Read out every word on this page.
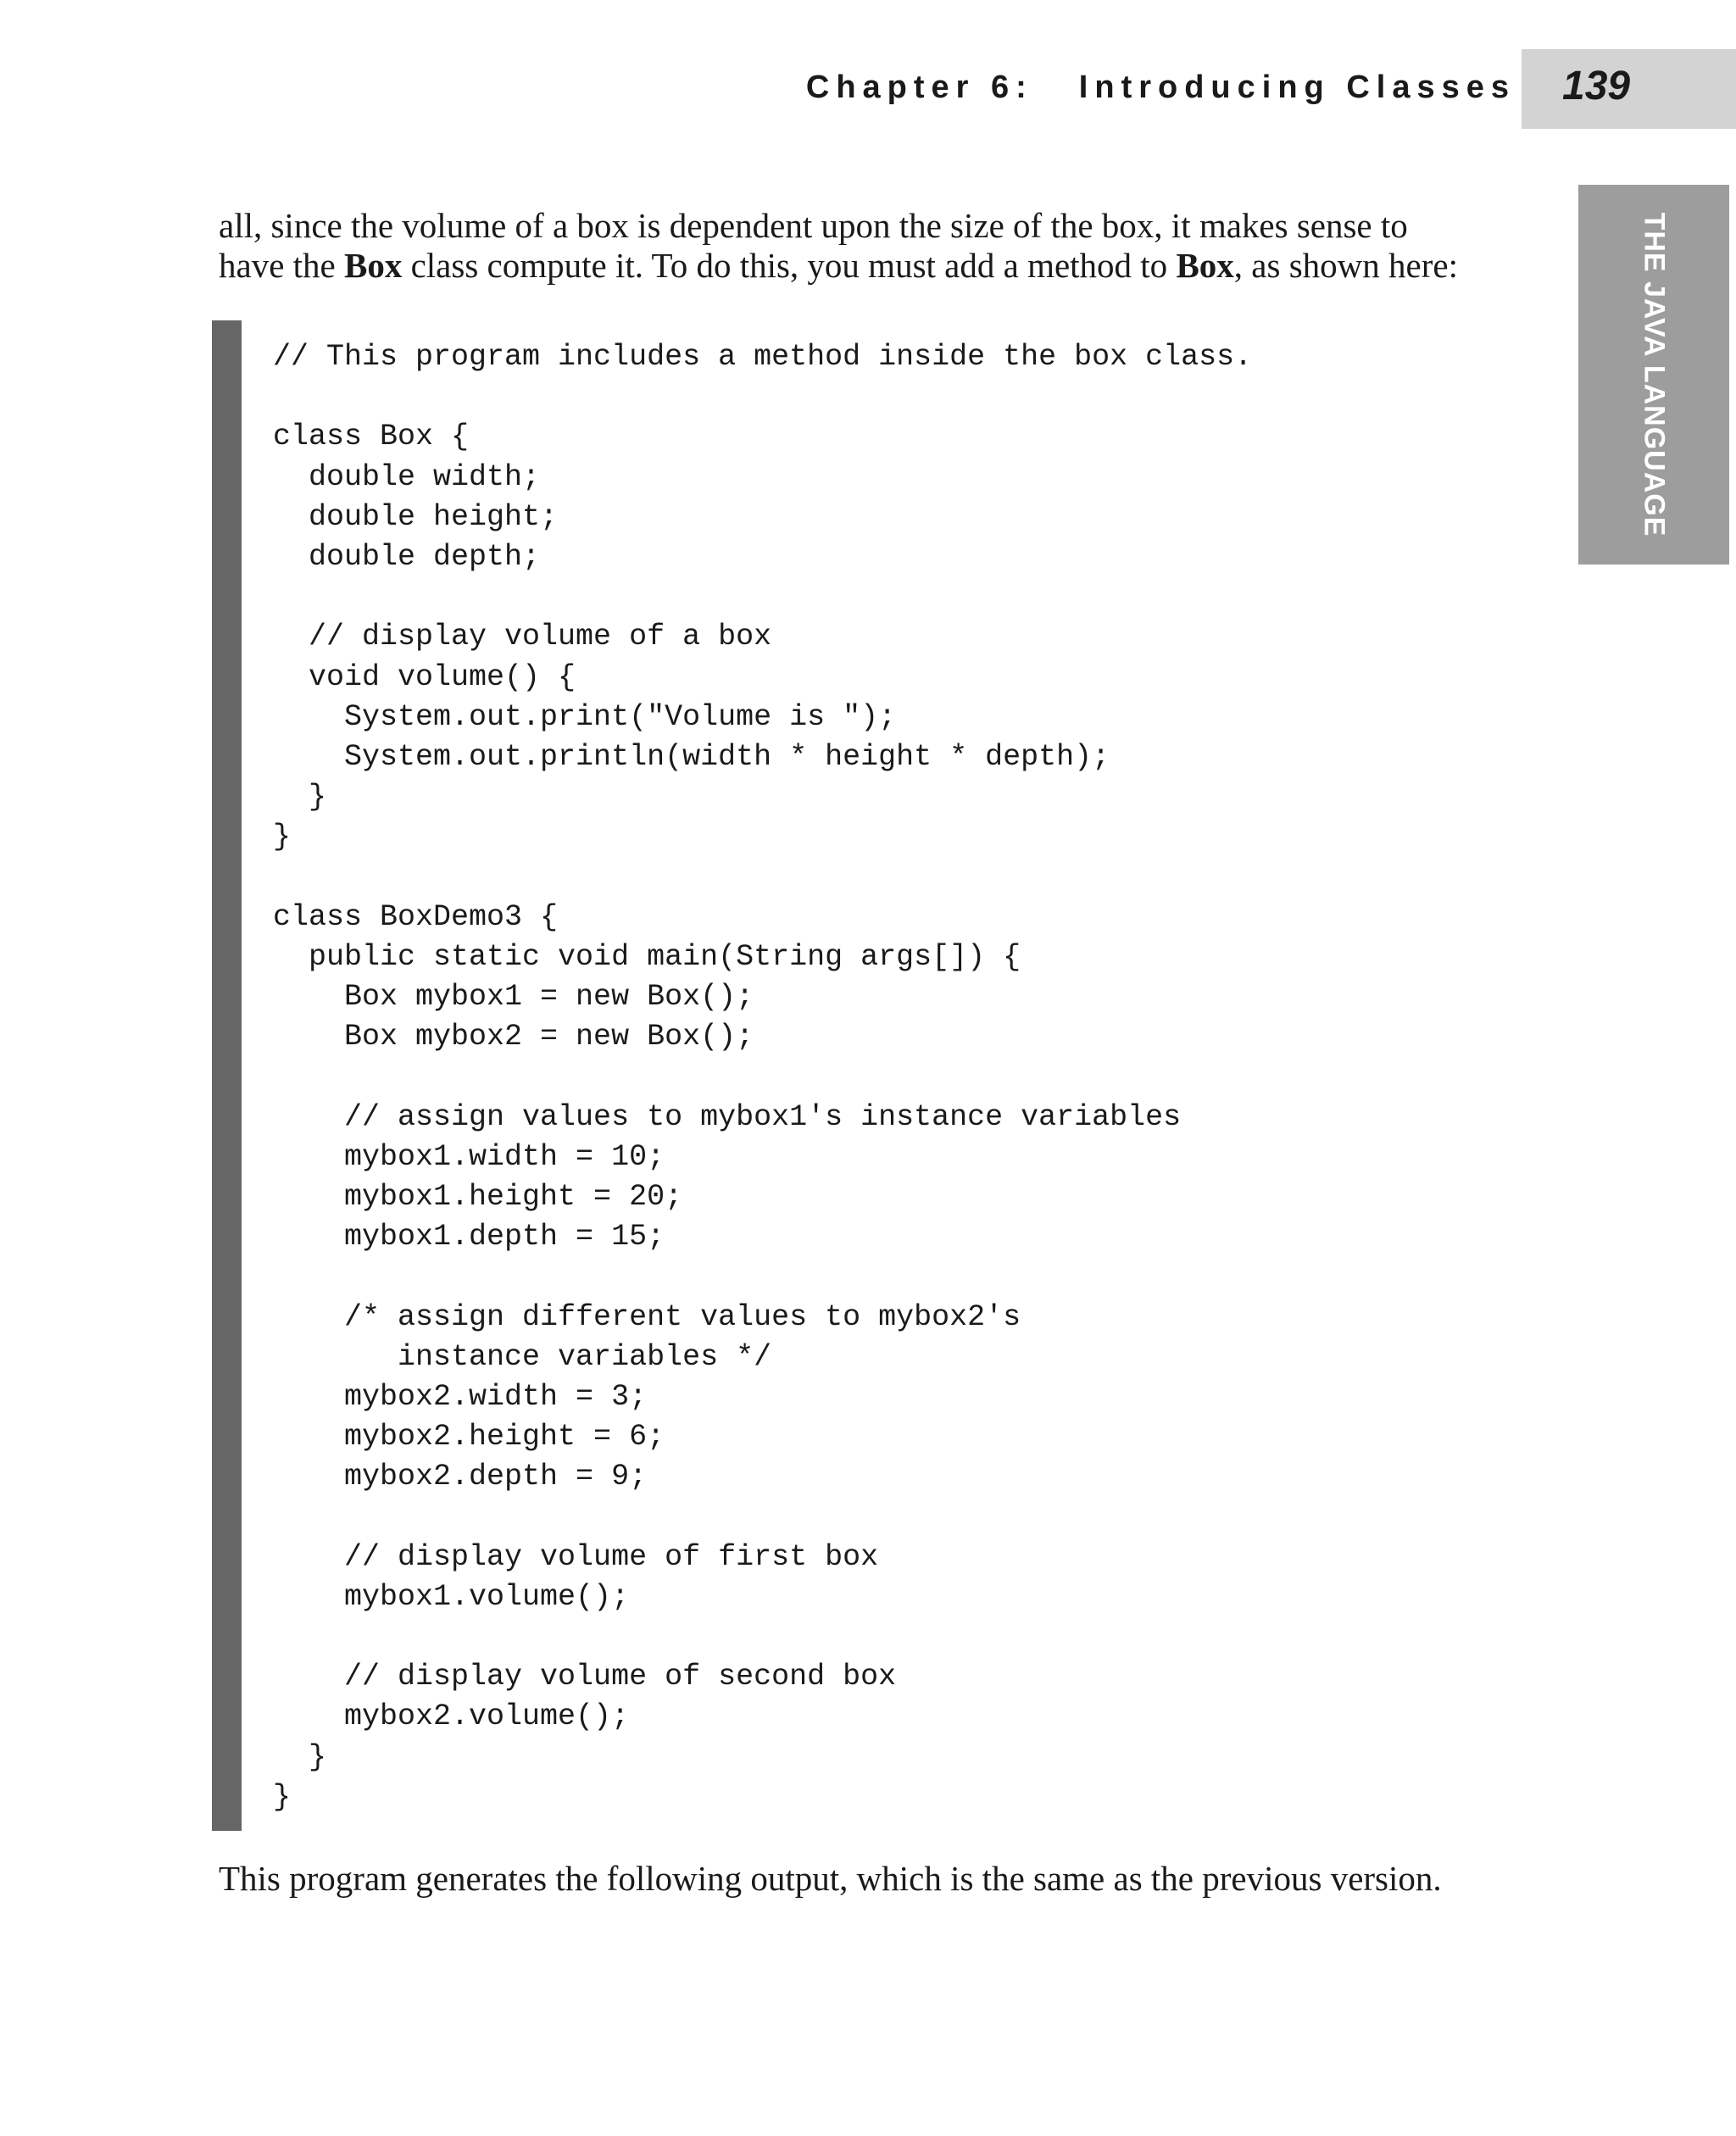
Chapter 6: Introducing Classes 139
THE JAVA LANGUAGE
all, since the volume of a box is dependent upon the size of the box, it makes sense to
have the Box class compute it. To do this, you must add a method to Box, as shown here:
// This program includes a method inside the box class.
class Box {
double width;
double height;
double depth;
// display volume of a box
void volume() {
System.out.print("Volume is ");
System.out.println(width * height * depth);
}
}
class BoxDemo3 {
public static void main(String args[]) {
Box mybox1 = new Box();
Box mybox2 = new Box();
// assign values to mybox1's instance variables
mybox1.width = 10;
mybox1.height = 20;
mybox1.depth = 15;
/* assign different values to mybox2's
instance variables */
mybox2.width = 3;
mybox2.height = 6;
mybox2.depth = 9;
// display volume of first box
mybox1.volume();
// display volume of second box
mybox2.volume();
}
}
This program generates the following output, which is the same as the previous version.
